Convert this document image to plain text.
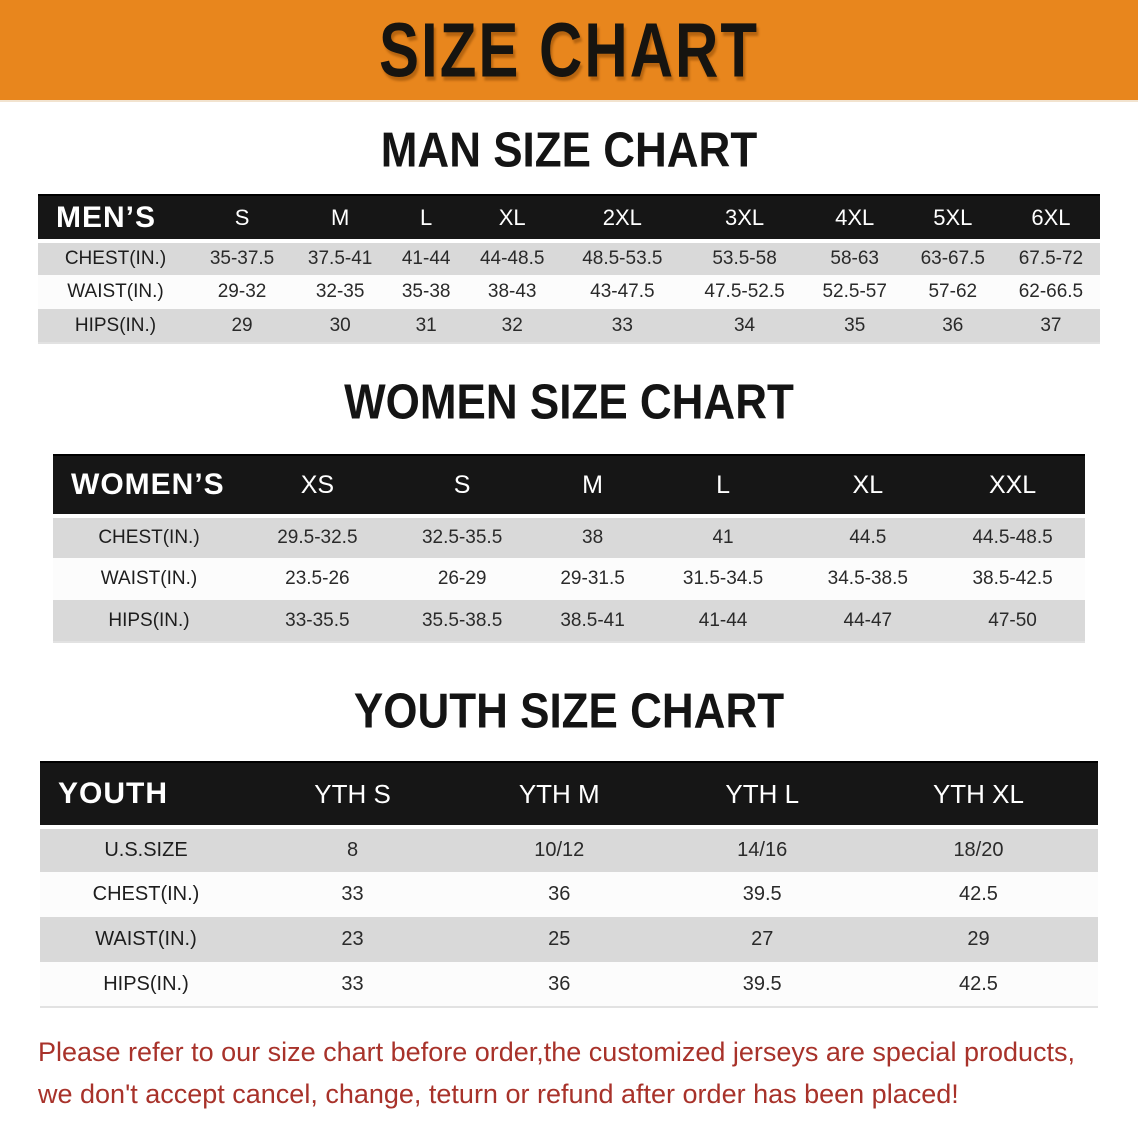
SIZE CHART
MAN SIZE CHART
MEN’S	S	M	L	XL	2XL	3XL	4XL	5XL	6XL
CHEST(IN.)	35-37.5	37.5-41	41-44	44-48.5	48.5-53.5	53.5-58	58-63	63-67.5	67.5-72
WAIST(IN.)	29-32	32-35	35-38	38-43	43-47.5	47.5-52.5	52.5-57	57-62	62-66.5
HIPS(IN.)	29	30	31	32	33	34	35	36	37
WOMEN SIZE CHART
WOMEN’S	XS	S	M	L	XL	XXL
CHEST(IN.)	29.5-32.5	32.5-35.5	38	41	44.5	44.5-48.5
WAIST(IN.)	23.5-26	26-29	29-31.5	31.5-34.5	34.5-38.5	38.5-42.5
HIPS(IN.)	33-35.5	35.5-38.5	38.5-41	41-44	44-47	47-50
YOUTH SIZE CHART
YOUTH	YTH S	YTH M	YTH L	YTH XL
U.S.SIZE	8	10/12	14/16	18/20
CHEST(IN.)	33	36	39.5	42.5
WAIST(IN.)	23	25	27	29
HIPS(IN.)	33	36	39.5	42.5

Please refer to our size chart before order,the customized jerseys are special products,
we don't accept cancel, change, teturn or refund after order has been placed!
